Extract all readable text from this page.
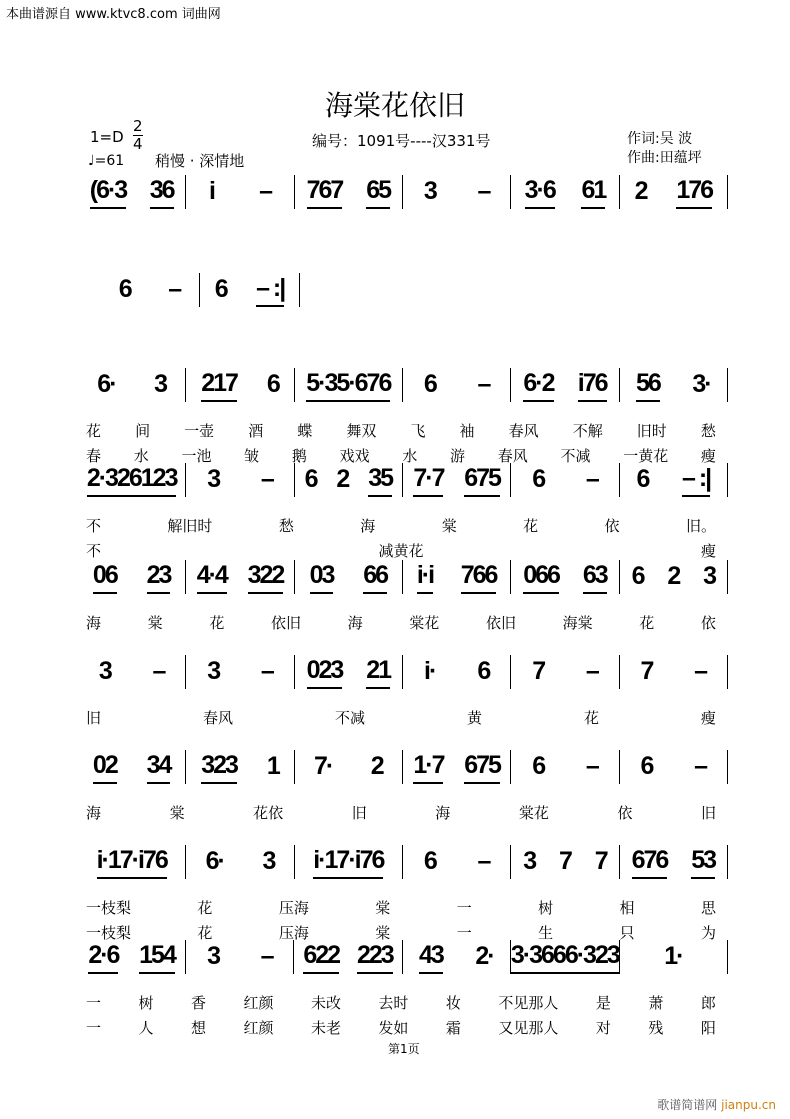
本曲谱源自 www.ktvc8.com 词曲网
海棠花依旧
1=D
2
4
♩=61 稍慢 · 深情地
编号：1091号----汉331号	作词:吴 波
作曲:田蕴坪
(6·3 36 i – 767 65 3 – 3·6 61 2 176
6 – 6 – :|
6· 3 217 6 5·35·676 6 – 6·2 i76 56 3·
花 间 一壶 酒 蝶 舞双 飞 袖 春风 不解 旧时 愁
春 水 一池 皱 鹅 戏戏 水 游 春风 不减 一黄花 瘦
2·326123 3 – 6 2 35 7·7 675 6 – 6 – :|
不	解旧时	愁	海	棠	花	依	旧。
不	减黄花	瘦
06 23 4·4 322 03 66 i·i 766 066 63 6 2 3
海	棠	花	依旧	海	棠花	依旧	海棠	花	依
3 – 3 – 023 21 i· 6 7 – 7 –
旧	春风	不减	黄	花	瘦
02 34 323 1 7· 2 1·7 675 6 – 6 –
海	棠	花依	旧	海	棠花	依	旧
i·17·i76 6· 3 i·17·i76 6 – 3 7 7 676 53
一枝梨	花	压海	棠	一	树	相	思
一枝梨	花	压海	棠	一	生	只	为
2·6 154 3 – 622 223 43 2· 3·3666·3 23 1·
一 树 香 红颜 未改 去时 妆 不见那人 是 萧 郎
一 人 想 红颜 未老 发如 霜 又见那人 对 残 阳
第1页
歌谱简谱网 jianpu.cn
